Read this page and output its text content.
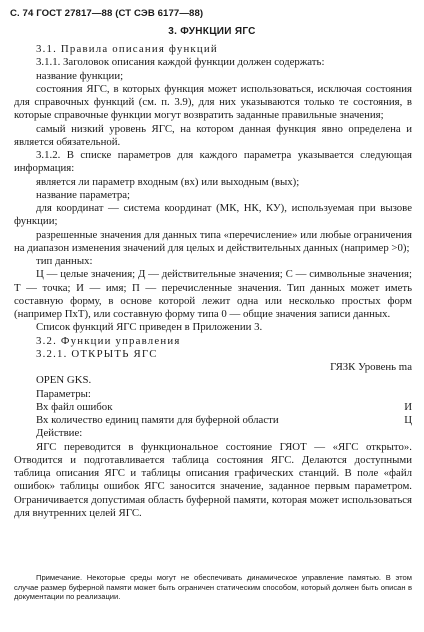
С. 74 ГОСТ 27817—88 (СТ СЭВ 6177—88)
3. ФУНКЦИИ ЯГС

3.1. Правила описания функций

3.1.1. Заголовок описания каждой функции должен содержать:

название функции;

состояния ЯГС, в которых функция может использоваться, исключая состояния для справочных функций (см. п. 3.9), для них указываются только те состояния, в которые справочные функции могут возвратить заданные правильные значения;

самый низкий уровень ЯГС, на котором данная функция явно определена и является обязательной.

3.1.2. В списке параметров для каждого параметра указывается следующая информация:

является ли параметр входным (вх) или выходным (вых);

название параметра;

для координат — система координат (МК, НК, КУ), используемая при вызове функции;

разрешенные значения для данных типа «перечисление» или любые ограничения на диапазон изменения значений для целых и действительных данных (например >0);

тип данных:

Ц — целые значения; Д — действительные значения; С — символьные значения; Т — точка; И — имя; П — перечисленные значения. Тип данных может иметь составную форму, в основе которой лежит одна или несколько простых форм (например ПхТ), или составную форму типа 0 — общие значения записи данных.

Список функций ЯГС приведен в Приложении 3.

3.2. Функции управления

3.2.1. ОТКРЫТЬ ЯГС

ГЯЗК Уровень ma

OPEN GKS.

Параметры:

Вх файл ошибок	И
Вх количество единиц памяти для буферной области	Ц

Действие:

ЯГС переводится в функциональное состояние ГЯОТ — «ЯГС открыто». Отводится и подготавливается таблица состояния ЯГС. Делаются доступными таблица описания ЯГС и таблицы описания графических станций. В поле «файл ошибок» таблицы ошибок ЯГС заносится значение, заданное первым параметром. Ограничивается допустимая область буферной памяти, которая может использоваться для внутренних целей ЯГС.

Примечание. Некоторые среды могут не обеспечивать динамическое управление памятью. В этом случае размер буферной памяти может быть ограничен статическим способом, который должен быть описан в документации по реализации.
